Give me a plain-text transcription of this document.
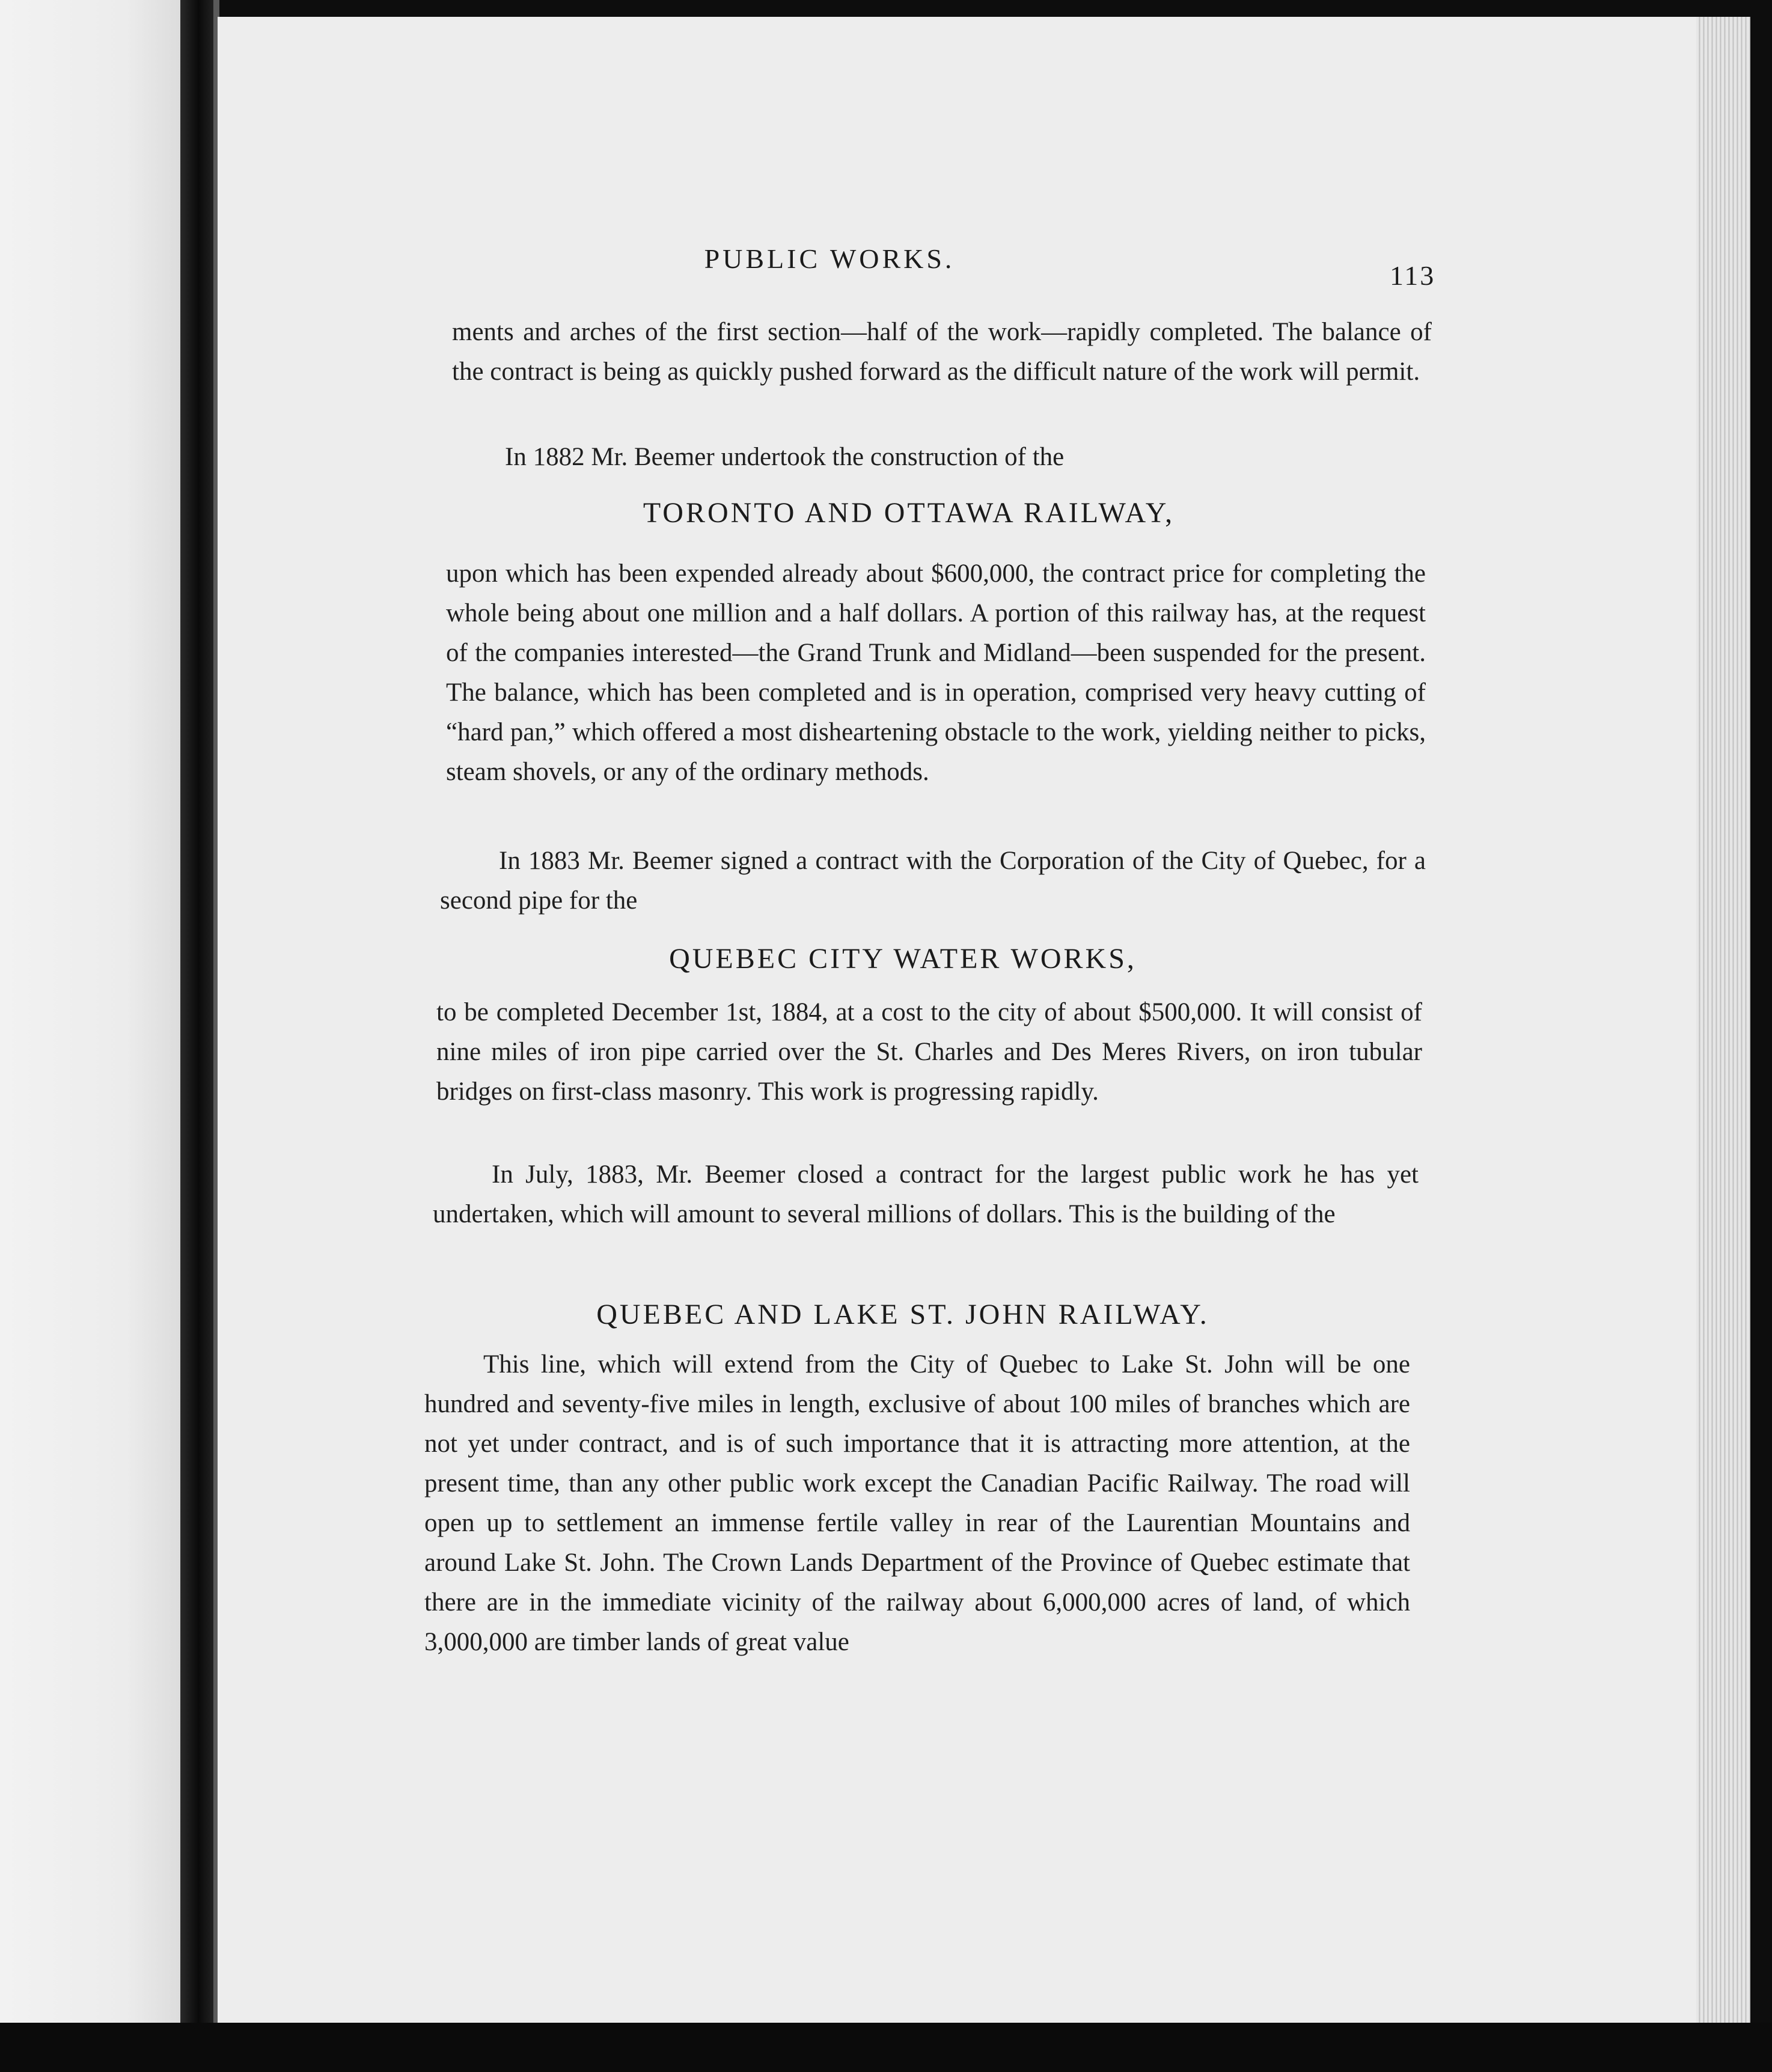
PUBLIC WORKS.
113
ments and arches of the first section—half of the work—rapidly completed. The balance of the contract is being as quickly pushed forward as the difficult nature of the work will permit.
In 1882 Mr. Beemer undertook the construction of the
TORONTO AND OTTAWA RAILWAY,
upon which has been expended already about $600,000, the contract price for completing the whole being about one million and a half dollars. A portion of this railway has, at the request of the companies interested—the Grand Trunk and Midland—been suspended for the present. The balance, which has been completed and is in operation, comprised very heavy cutting of “hard pan,” which offered a most disheartening obstacle to the work, yielding neither to picks, steam shovels, or any of the ordinary methods.
In 1883 Mr. Beemer signed a contract with the Corporation of the City of Quebec, for a second pipe for the
QUEBEC CITY WATER WORKS,
to be completed December 1st, 1884, at a cost to the city of about $500,000. It will consist of nine miles of iron pipe carried over the St. Charles and Des Meres Rivers, on iron tubular bridges on first-class masonry. This work is progressing rapidly.
In July, 1883, Mr. Beemer closed a contract for the largest public work he has yet undertaken, which will amount to several millions of dollars. This is the building of the
QUEBEC AND LAKE ST. JOHN RAILWAY.
This line, which will extend from the City of Quebec to Lake St. John will be one hundred and seventy-five miles in length, exclusive of about 100 miles of branches which are not yet under contract, and is of such importance that it is attracting more attention, at the present time, than any other public work except the Canadian Pacific Railway. The road will open up to settlement an immense fertile valley in rear of the Laurentian Mountains and around Lake St. John. The Crown Lands Department of the Province of Quebec estimate that there are in the immediate vicinity of the railway about 6,000,000 acres of land, of which 3,000,000 are timber lands of great value
